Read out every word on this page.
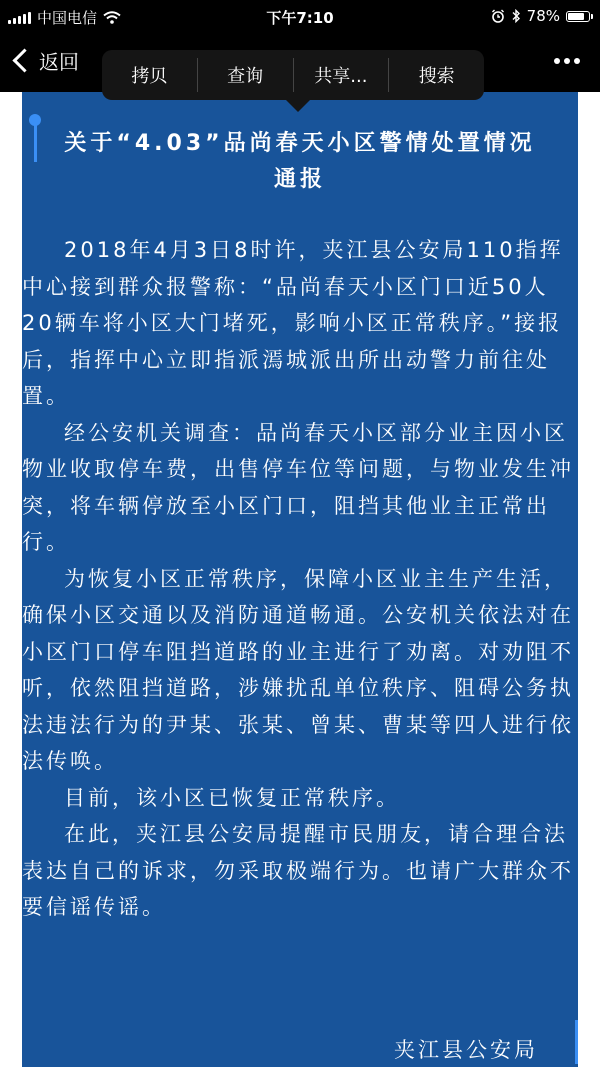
中国电信	下午7:10	78%
返回
关于“4.03”品尚春天小区警情处置情况
通报

2018年4月3日8时许，夹江县公安局110指挥中心接到群众报警称：“品尚春天小区门口近50人20辆车将小区大门堵死，影响小区正常秩序。”接报后，指挥中心立即指派漹城派出所出动警力前往处置。

经公安机关调查：品尚春天小区部分业主因小区物业收取停车费，出售停车位等问题，与物业发生冲突，将车辆停放至小区门口，阻挡其他业主正常出行。

为恢复小区正常秩序，保障小区业主生产生活，确保小区交通以及消防通道畅通。公安机关依法对在小区门口停车阻挡道路的业主进行了劝离。对劝阻不听，依然阻挡道路，涉嫌扰乱单位秩序、阻碍公务执法违法行为的尹某、张某、曾某、曹某等四人进行依法传唤。

目前，该小区已恢复正常秩序。

在此，夹江县公安局提醒市民朋友，请合理合法表达自己的诉求，勿采取极端行为。也请广大群众不要信谣传谣。

夹江县公安局
拷贝	查询	共享...	搜索
